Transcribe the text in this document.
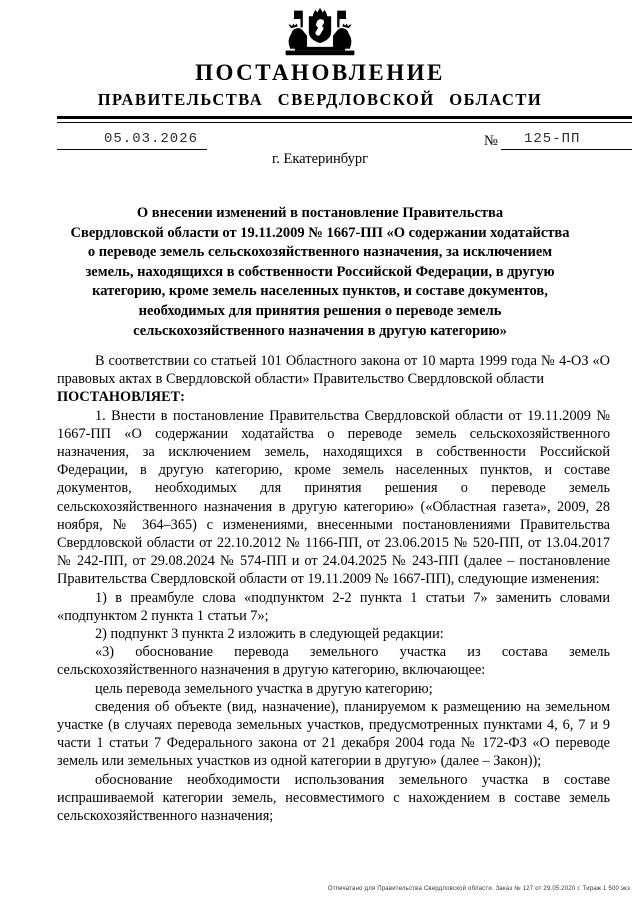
ПОСТАНОВЛЕНИЕ
ПРАВИТЕЛЬСТВА СВЕРДЛОВСКОЙ ОБЛАСТИ
05.03.2026	№ 125-ПП
г. Екатеринбург
О внесении изменений в постановление Правительства
Свердловской области от 19.11.2009 № 1667-ПП «О содержании ходатайства
о переводе земель сельскохозяйственного назначения, за исключением
земель, находящихся в собственности Российской Федерации, в другую
категорию, кроме земель населенных пунктов, и составе документов,
необходимых для принятия решения о переводе земель
сельскохозяйственного назначения в другую категорию»

В соответствии со статьей 101 Областного закона от 10 марта 1999 года № 4-ОЗ «О правовых актах в Свердловской области» Правительство Свердловской области

ПОСТАНОВЛЯЕТ:

1. Внести в постановление Правительства Свердловской области от 19.11.2009 № 1667-ПП «О содержании ходатайства о переводе земель сельскохозяйственного назначения, за исключением земель, находящихся в собственности Российской Федерации, в другую категорию, кроме земель населенных пунктов, и составе документов, необходимых для принятия решения о переводе земель сельскохозяйственного назначения в другую категорию» («Областная газета», 2009, 28 ноября, № 364–365) с изменениями, внесенными постановлениями Правительства Свердловской области от 22.10.2012 № 1166-ПП, от 23.06.2015 № 520-ПП, от 13.04.2017 № 242-ПП, от 29.08.2024 № 574-ПП и от 24.04.2025 № 243-ПП (далее – постановление Правительства Свердловской области от 19.11.2009 № 1667-ПП), следующие изменения:

1) в преамбуле слова «подпунктом 2-2 пункта 1 статьи 7» заменить словами «подпунктом 2 пункта 1 статьи 7»;

2) подпункт 3 пункта 2 изложить в следующей редакции:

«3) обоснование перевода земельного участка из состава земель сельскохозяйственного назначения в другую категорию, включающее:

цель перевода земельного участка в другую категорию;

сведения об объекте (вид, назначение), планируемом к размещению на земельном участке (в случаях перевода земельных участков, предусмотренных пунктами 4, 6, 7 и 9 части 1 статьи 7 Федерального закона от 21 декабря 2004 года № 172-ФЗ «О переводе земель или земельных участков из одной категории в другую» (далее – Закон));

обоснование необходимости использования земельного участка в составе испрашиваемой категории земель, несовместимого с нахождением в составе земель сельскохозяйственного назначения;

Отпечатано для Правительства Свердловской области. Заказ № 127 от 29.05.2020 г. Тираж 1 500 экз
